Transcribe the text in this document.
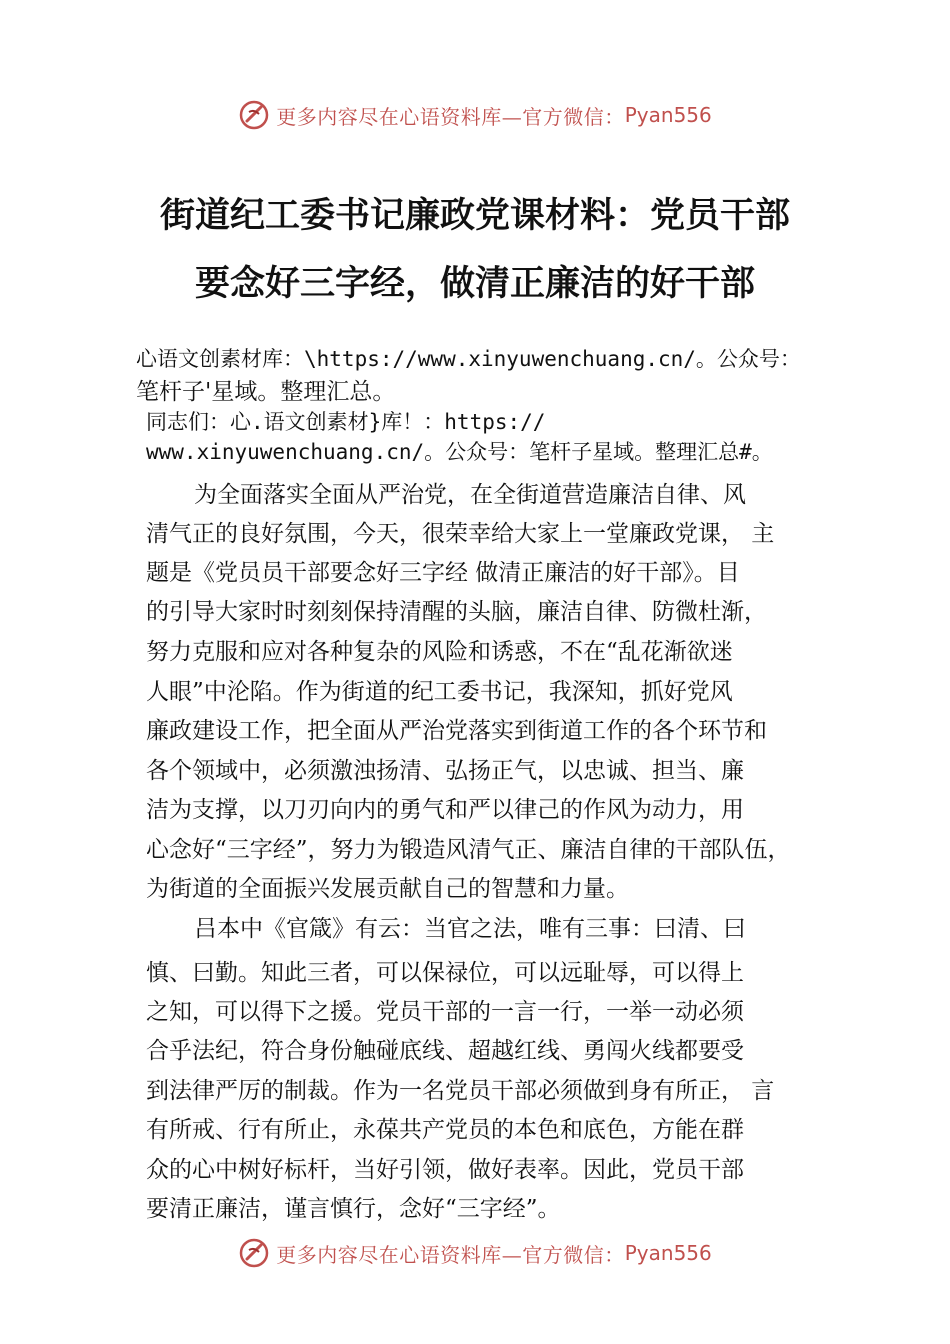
更多内容尽在心语资料库—官方微信： Pyan556
街道纪工委书记廉政党课材料：党员干部
要念好三字经，做清正廉洁的好干部
心语文创素材库：\https://www.xinyuwenchuang.cn/。公众号：
笔杆子'星域。整理汇总。
同志们：心.语文创素材}库！：https://
www.xinyuwenchuang.cn/。公众号：笔杆子星域。整理汇总#。
为全面落实全面从严治党，在全街道营造廉洁自律、风
清气正的良好氛围，今天，很荣幸给大家上一堂廉政党课， 主
题是《党员员干部要念好三字经 做清正廉洁的好干部》。目
的引导大家时时刻刻保持清醒的头脑，廉洁自律、防微杜渐，
努力克服和应对各种复杂的风险和诱惑，不在“乱花渐欲迷
人眼”中沦陷。作为街道的纪工委书记，我深知，抓好党风
廉政建设工作，把全面从严治党落实到街道工作的各个环节和
各个领域中，必须激浊扬清、弘扬正气，以忠诚、担当、廉
洁为支撑，以刀刃向内的勇气和严以律己的作风为动力，用
心念好“三字经”，努力为锻造风清气正、廉洁自律的干部队伍，
为街道的全面振兴发展贡献自己的智慧和力量。
吕本中《官箴》有云：当官之法，唯有三事：曰清、曰
慎、曰勤。知此三者，可以保禄位，可以远耻辱，可以得上
之知，可以得下之援。党员干部的一言一行，一举一动必须
合乎法纪，符合身份触碰底线、超越红线、勇闯火线都要受
到法律严厉的制裁。作为一名党员干部必须做到身有所正， 言
有所戒、行有所止，永葆共产党员的本色和底色，方能在群
众的心中树好标杆，当好引领，做好表率。因此，党员干部
要清正廉洁，谨言慎行，念好“三字经”。
更多内容尽在心语资料库—官方微信： Pyan556
